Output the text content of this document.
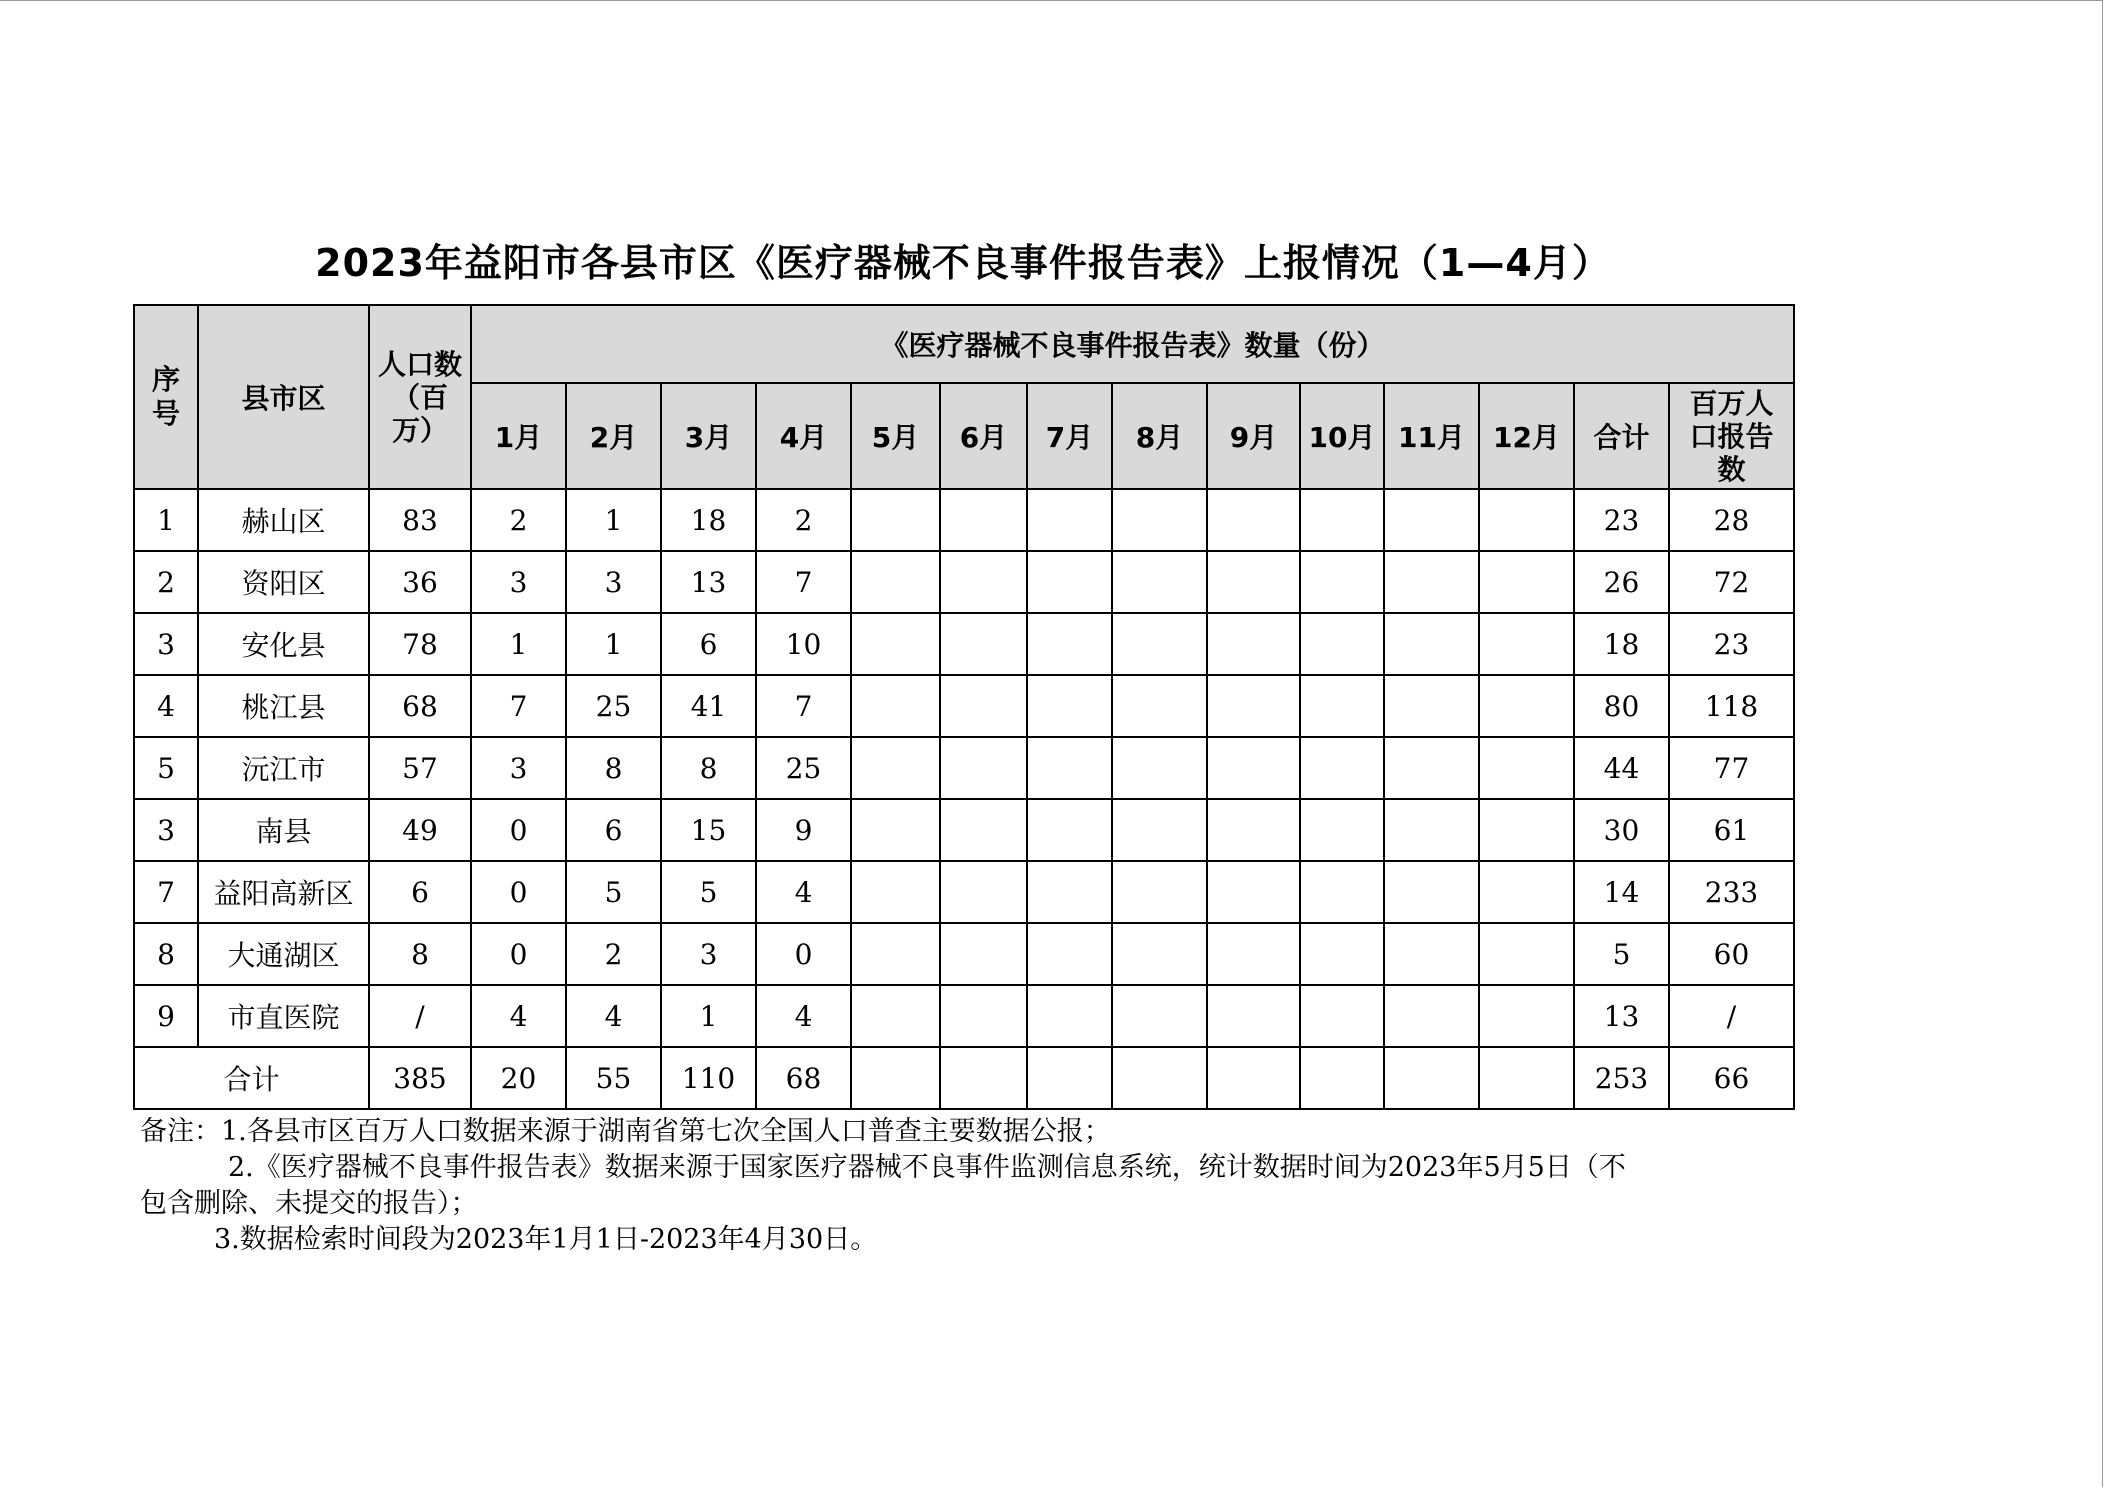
2023年益阳市各县市区《医疗器械不良事件报告表》上报情况（1—4月）
序号	县市区	人口数（百万）	《医疗器械不良事件报告表》数量（份）													
			1月	2月	3月	4月	5月	6月	7月	8月	9月	10月	11月	12月	合计	百万人口报告数
1	赫山区	83	2	1	18	2									23	28
2	资阳区	36	3	3	13	7									26	72
3	安化县	78	1	1	6	10									18	23
4	桃江县	68	7	25	41	7									80	118
5	沅江市	57	3	8	8	25									44	77
3	南县	49	0	6	15	9									30	61
7	益阳高新区	6	0	5	5	4									14	233
8	大通湖区	8	0	2	3	0									5	60
9	市直医院	/	4	4	1	4									13	/
合计		385	20	55	110	68									253	66

备注：1.各县市区百万人口数据来源于湖南省第七次全国人口普查主要数据公报；

2.《医疗器械不良事件报告表》数据来源于国家医疗器械不良事件监测信息系统，统计数据时间为2023年5月5日（不

包含删除、未提交的报告）；

3.数据检索时间段为2023年1月1日-2023年4月30日。
